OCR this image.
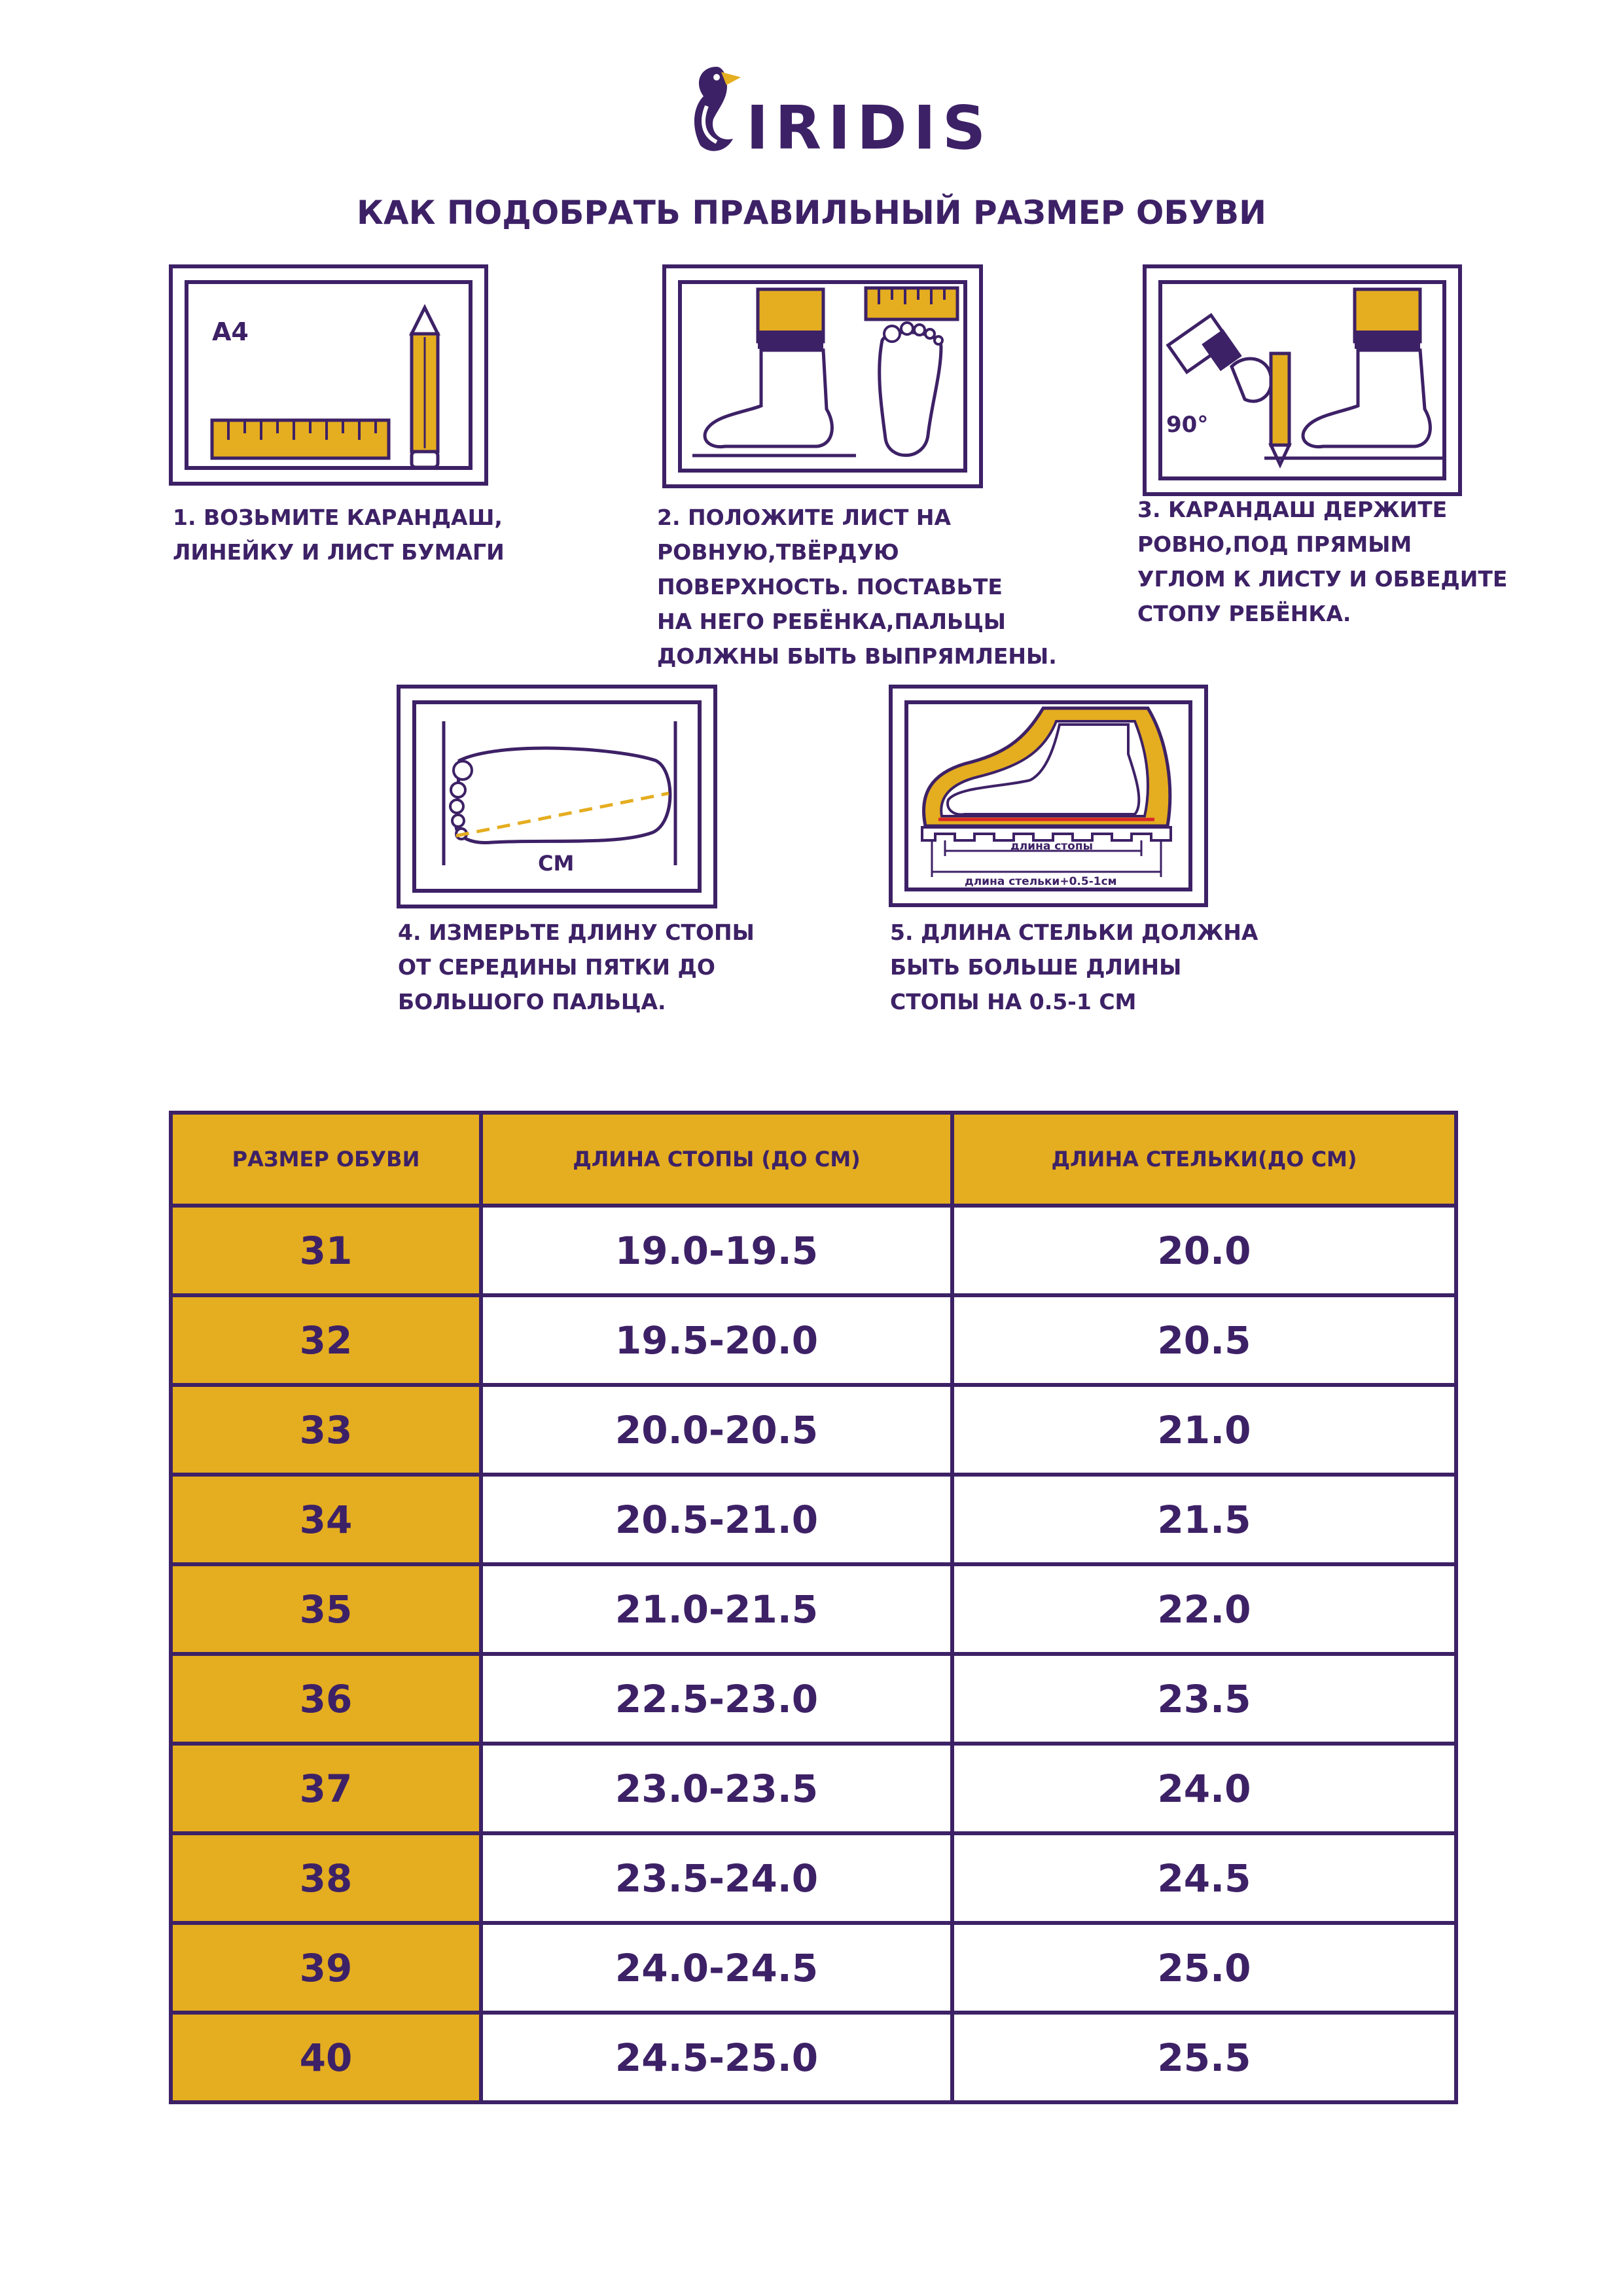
IRIDIS
КАК ПОДОБРАТЬ ПРАВИЛЬНЫЙ РАЗМЕР ОБУВИ
А4
1. ВОЗЬМИТЕ КАРАНДАШ,
ЛИНЕЙКУ И ЛИСТ БУМАГИ
2. ПОЛОЖИТЕ ЛИСТ НА
РОВНУЮ,ТВЁРДУЮ
ПОВЕРХНОСТЬ. ПОСТАВЬТЕ
НА НЕГО РЕБЁНКА,ПАЛЬЦЫ
ДОЛЖНЫ БЫТЬ ВЫПРЯМЛЕНЫ.
90°
3. КАРАНДАШ ДЕРЖИТЕ
РОВНО,ПОД ПРЯМЫМ
УГЛОМ К ЛИСТУ И ОБВЕДИТЕ
СТОПУ РЕБЁНКА.
СМ
4. ИЗМЕРЬТЕ ДЛИНУ СТОПЫ
ОТ СЕРЕДИНЫ ПЯТКИ ДО
БОЛЬШОГО ПАЛЬЦА.
длина стопы
длина стельки+0.5-1см
5. ДЛИНА СТЕЛЬКИ ДОЛЖНА
БЫТЬ БОЛЬШЕ ДЛИНЫ
СТОПЫ НА 0.5-1 СМ
РАЗМЕР ОБУВИ	ДЛИНА СТОПЫ (ДО СМ)	ДЛИНА СТЕЛЬКИ(ДО СМ)
31	19.0-19.5	20.0
32	19.5-20.0	20.5
33	20.0-20.5	21.0
34	20.5-21.0	21.5
35	21.0-21.5	22.0
36	22.5-23.0	23.5
37	23.0-23.5	24.0
38	23.5-24.0	24.5
39	24.0-24.5	25.0
40	24.5-25.0	25.5
